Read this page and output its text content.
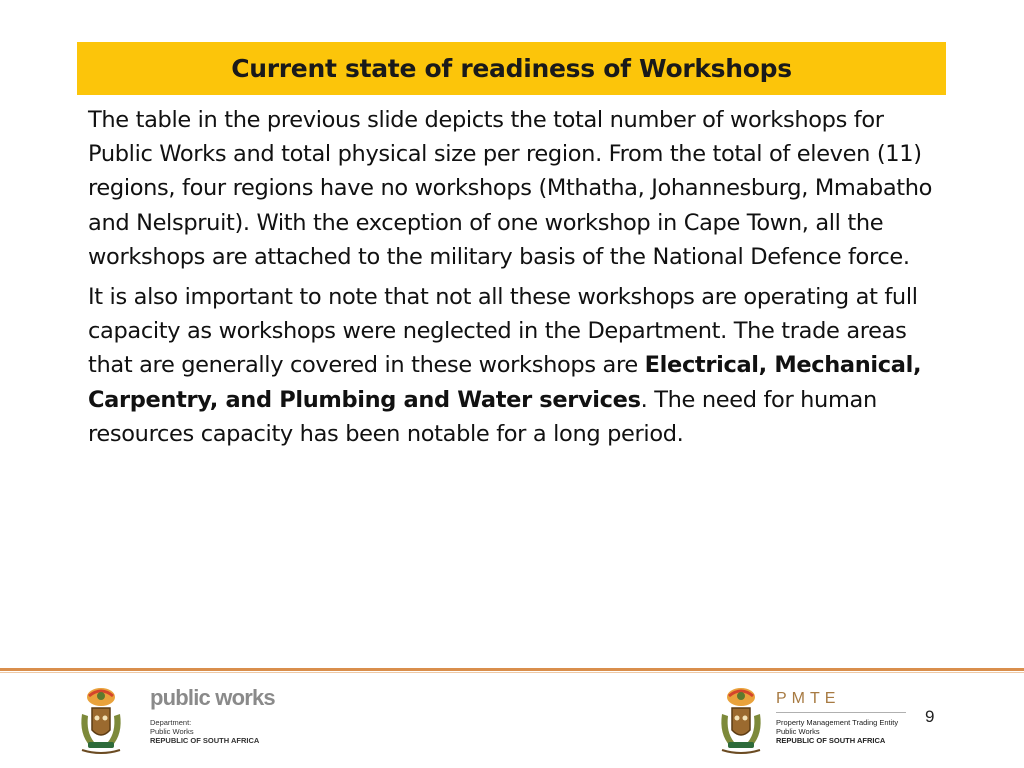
Current state of readiness of Workshops

The table in the previous slide depicts the total number of workshops for Public Works and total physical size per region. From the total of eleven (11) regions, four regions have no workshops (Mthatha, Johannesburg, Mmabatho and Nelspruit). With the exception of one workshop in Cape Town, all the workshops are attached to the military basis of the National Defence force.

It is also important to note that not all these workshops are operating at full capacity as workshops were neglected in the Department. The trade areas that are generally covered in these workshops are Electrical, Mechanical, Carpentry, and Plumbing and Water services. The need for human resources capacity has been notable for a long period.

public works
Department:
Public Works
REPUBLIC OF SOUTH AFRICA
PMTE
Property Management Trading Entity
Public Works
REPUBLIC OF SOUTH AFRICA
9
